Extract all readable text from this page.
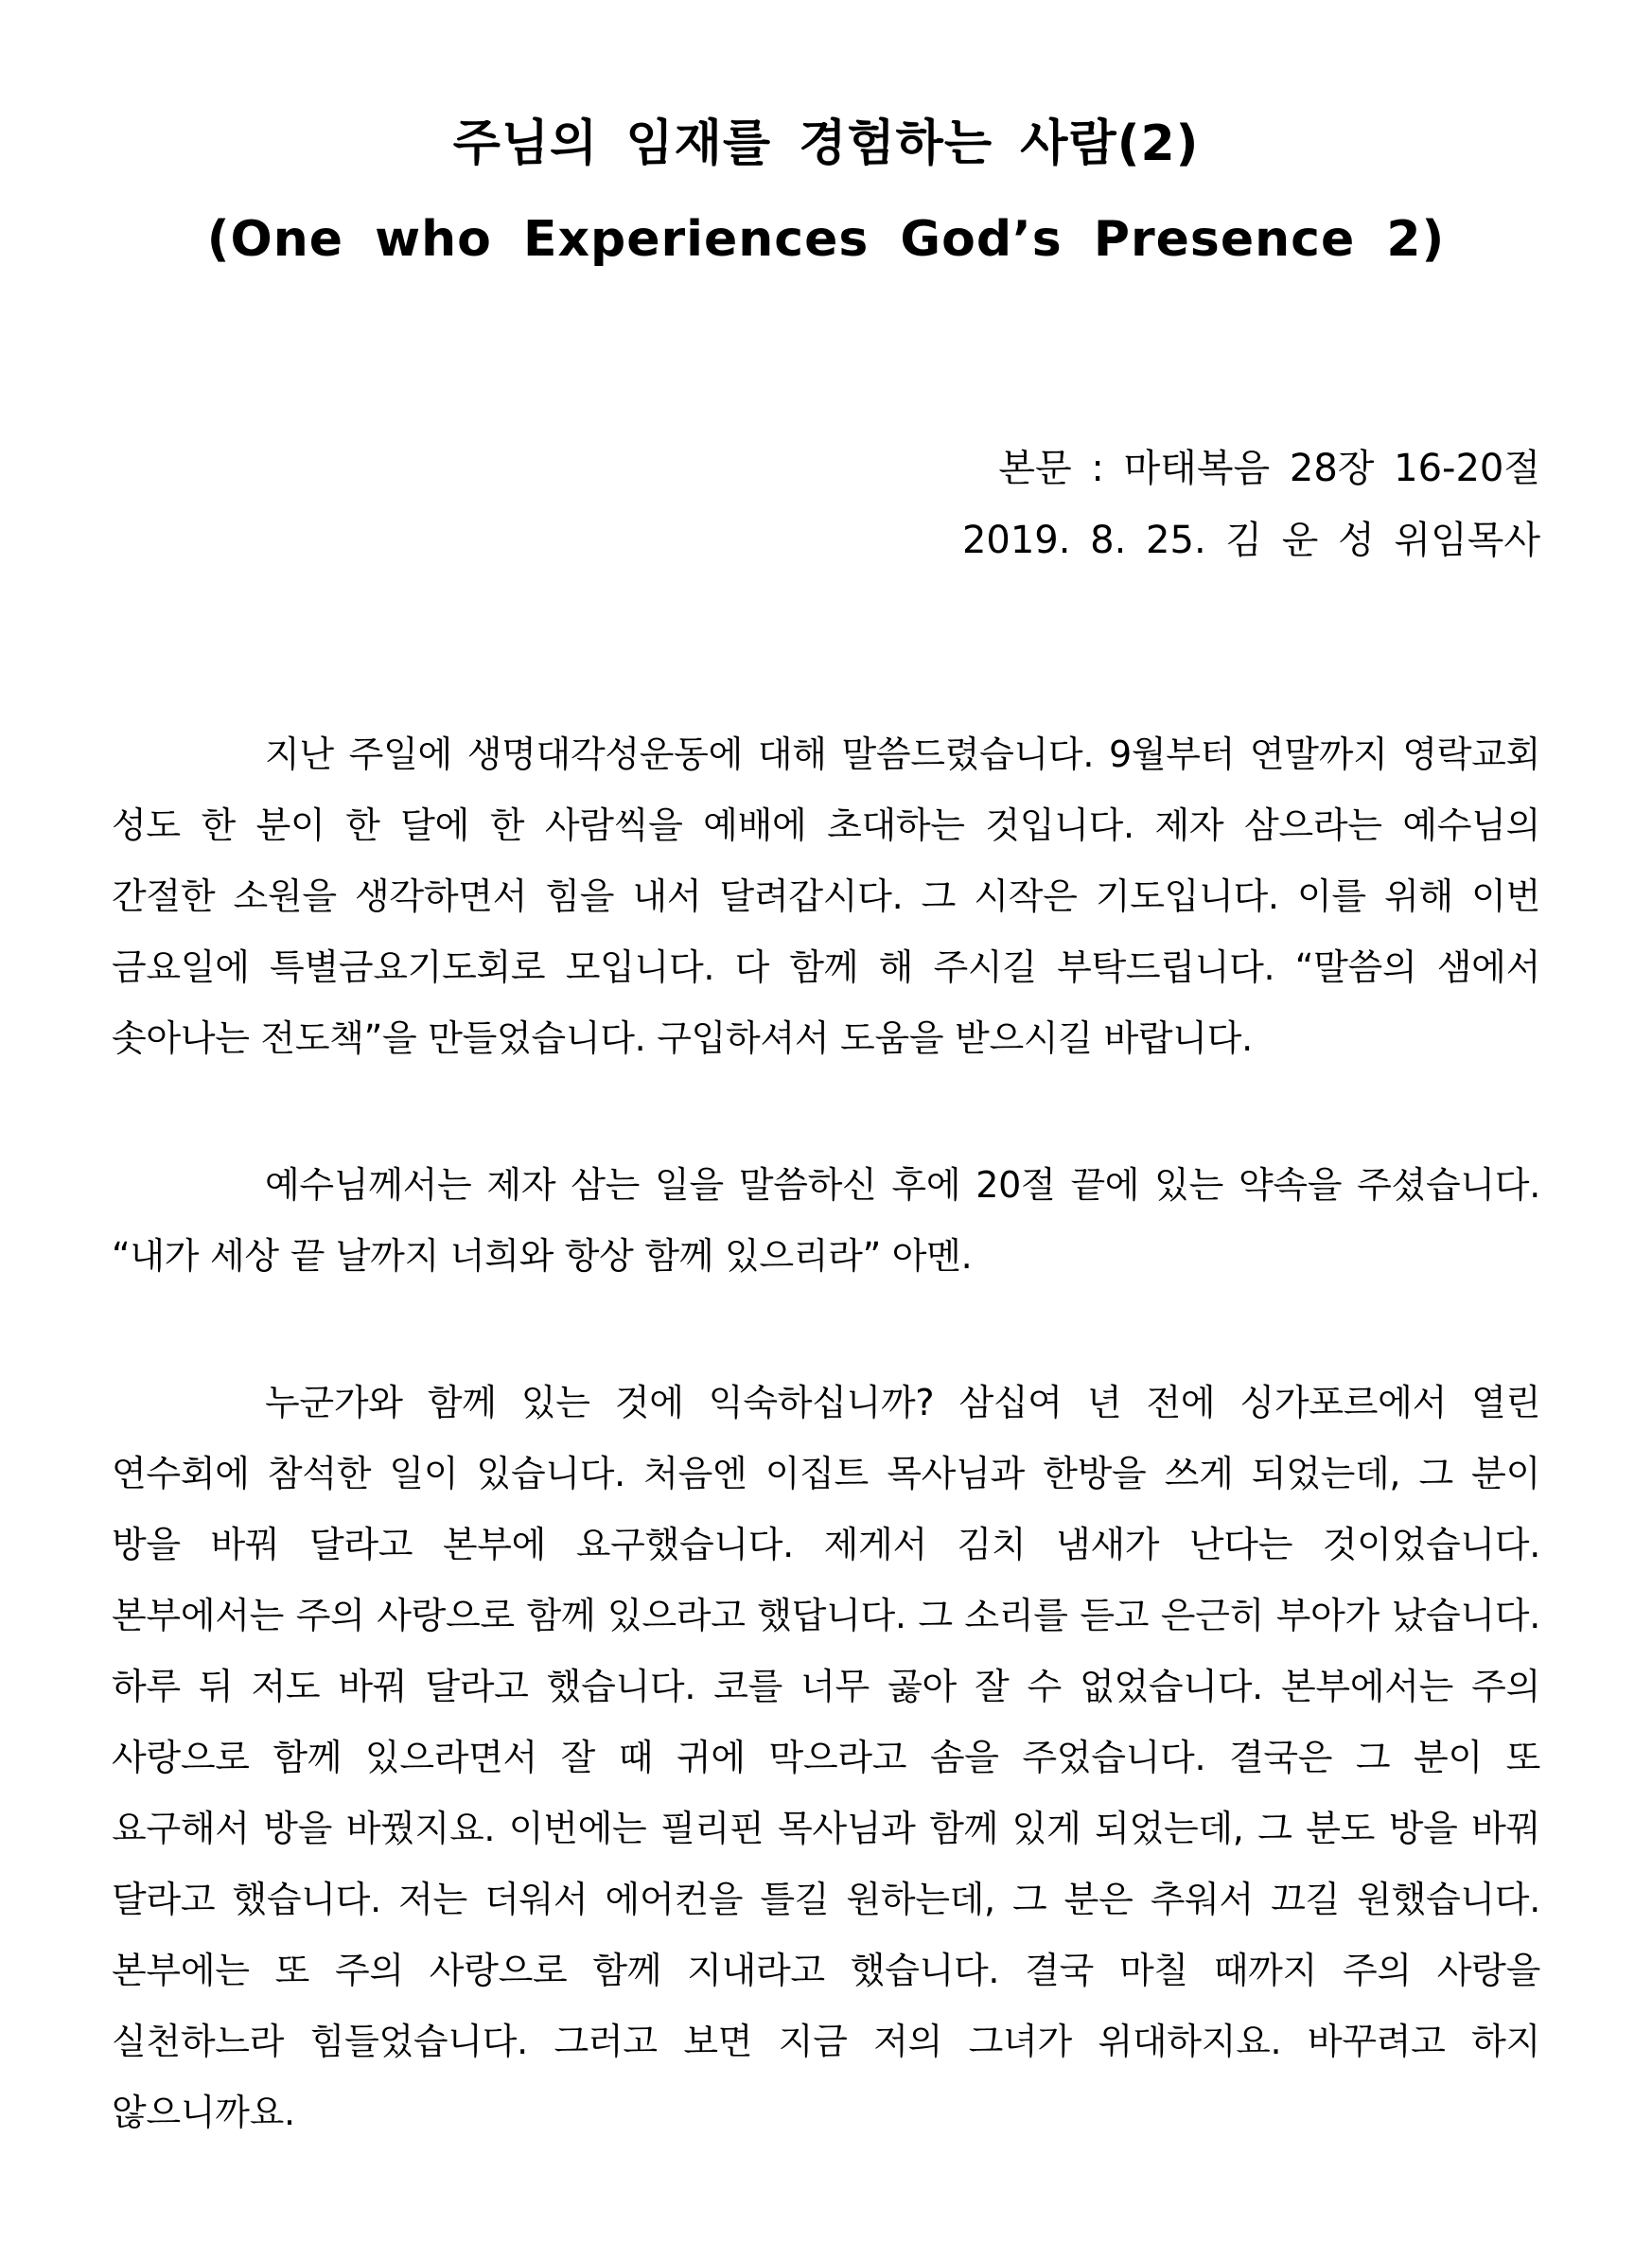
주님의 임재를 경험하는 사람(2)
(One who Experiences God’s Presence 2)
본문 : 마태복음 28장 16-20절
2019. 8. 25. 김 운 성 위임목사

지난 주일에 생명대각성운동에 대해 말씀드렸습니다. 9월부터 연말까지 영락교회 성도 한 분이 한 달에 한 사람씩을 예배에 초대하는 것입니다. 제자 삼으라는 예수님의 간절한 소원을 생각하면서 힘을 내서 달려갑시다. 그 시작은 기도입니다. 이를 위해 이번 금요일에 특별금요기도회로 모입니다. 다 함께 해 주시길 부탁드립니다. “말씀의 샘에서 솟아나는 전도책”을 만들었습니다. 구입하셔서 도움을 받으시길 바랍니다.

예수님께서는 제자 삼는 일을 말씀하신 후에 20절 끝에 있는 약속을 주셨습니다. “내가 세상 끝 날까지 너희와 항상 함께 있으리라” 아멘.

누군가와 함께 있는 것에 익숙하십니까? 삼십여 년 전에 싱가포르에서 열린 연수회에 참석한 일이 있습니다. 처음엔 이집트 목사님과 한방을 쓰게 되었는데, 그 분이 방을 바꿔 달라고 본부에 요구했습니다. 제게서 김치 냄새가 난다는 것이었습니다. 본부에서는 주의 사랑으로 함께 있으라고 했답니다. 그 소리를 듣고 은근히 부아가 났습니다. 하루 뒤 저도 바꿔 달라고 했습니다. 코를 너무 곯아 잘 수 없었습니다. 본부에서는 주의 사랑으로 함께 있으라면서 잘 때 귀에 막으라고 솜을 주었습니다. 결국은 그 분이 또 요구해서 방을 바꿨지요. 이번에는 필리핀 목사님과 함께 있게 되었는데, 그 분도 방을 바꿔 달라고 했습니다. 저는 더워서 에어컨을 틀길 원하는데, 그 분은 추워서 끄길 원했습니다. 본부에는 또 주의 사랑으로 함께 지내라고 했습니다. 결국 마칠 때까지 주의 사랑을 실천하느라 힘들었습니다. 그러고 보면 지금 저의 그녀가 위대하지요. 바꾸려고 하지 않으니까요.
